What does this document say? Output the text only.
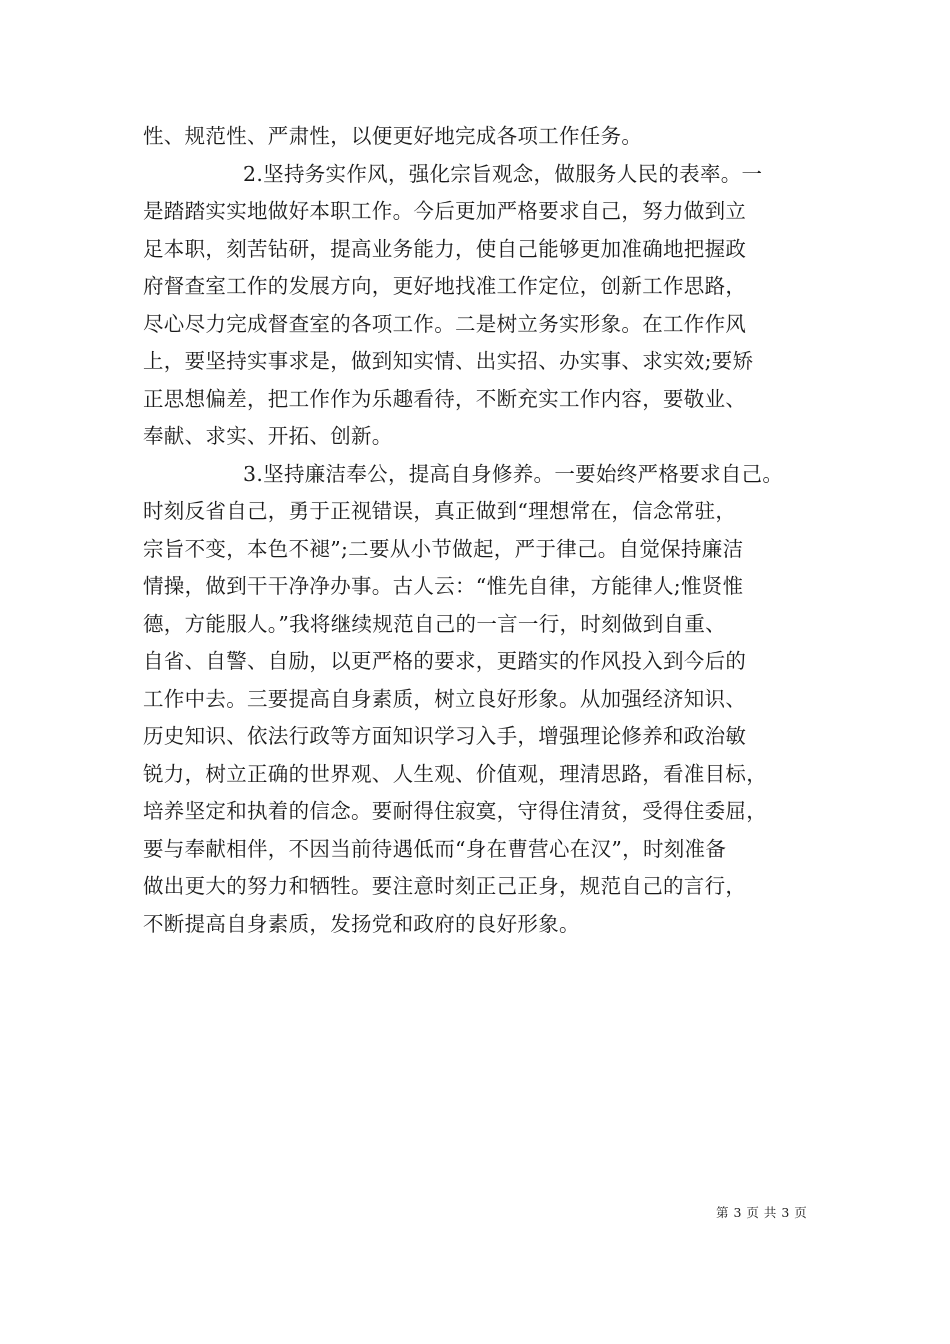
性、规范性、严肃性，以便更好地完成各项工作任务。
2.坚持务实作风，强化宗旨观念，做服务人民的表率。一
是踏踏实实地做好本职工作。今后更加严格要求自己，努力做到立
足本职，刻苦钻研，提高业务能力，使自己能够更加准确地把握政
府督查室工作的发展方向，更好地找准工作定位，创新工作思路，
尽心尽力完成督查室的各项工作。二是树立务实形象。在工作作风
上，要坚持实事求是，做到知实情、出实招、办实事、求实效;要矫
正思想偏差，把工作作为乐趣看待，不断充实工作内容，要敬业、
奉献、求实、开拓、创新。
3.坚持廉洁奉公，提高自身修养。一要始终严格要求自己。
时刻反省自己，勇于正视错误，真正做到“理想常在，信念常驻，
宗旨不变，本色不褪”;二要从小节做起，严于律己。自觉保持廉洁
情操，做到干干净净办事。古人云：“惟先自律，方能律人;惟贤惟
德，方能服人。”我将继续规范自己的一言一行，时刻做到自重、
自省、自警、自励，以更严格的要求，更踏实的作风投入到今后的
工作中去。三要提高自身素质，树立良好形象。从加强经济知识、
历史知识、依法行政等方面知识学习入手，增强理论修养和政治敏
锐力，树立正确的世界观、人生观、价值观，理清思路，看准目标，
培养坚定和执着的信念。要耐得住寂寞，守得住清贫，受得住委屈，
要与奉献相伴，不因当前待遇低而“身在曹营心在汉”，时刻准备
做出更大的努力和牺牲。要注意时刻正己正身，规范自己的言行，
不断提高自身素质，发扬党和政府的良好形象。
第 3 页 共 3 页
